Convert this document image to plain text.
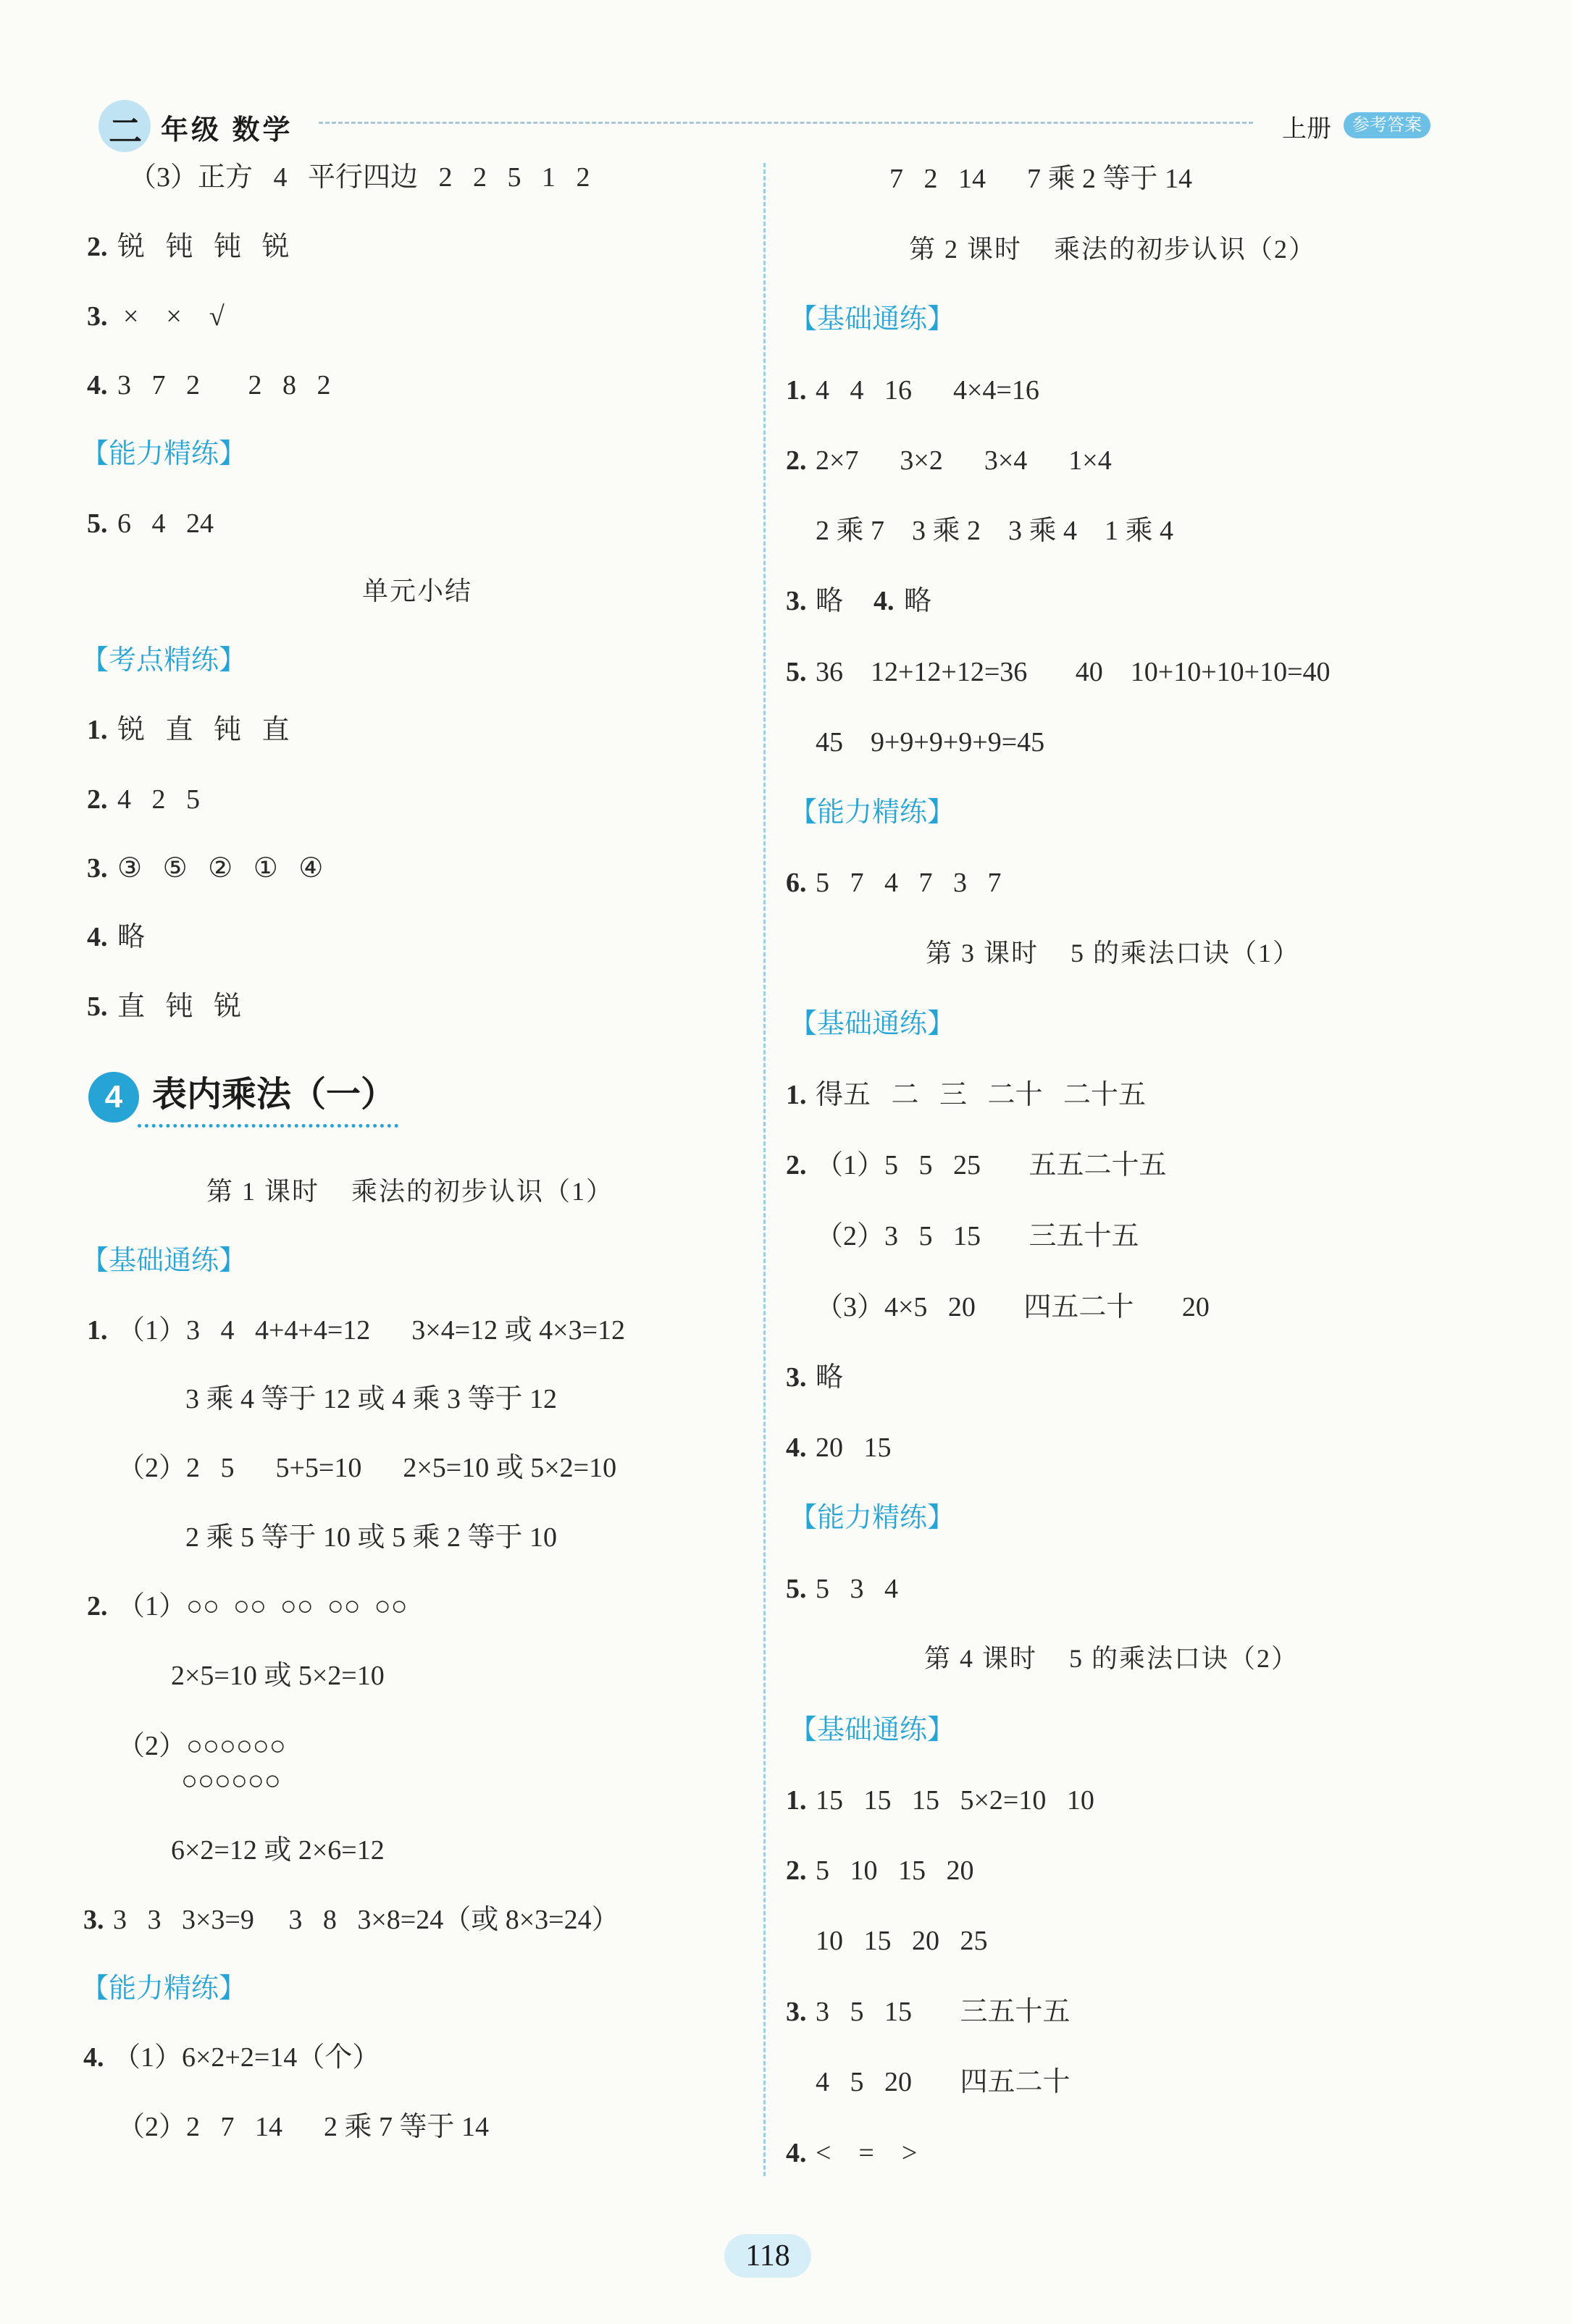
二 年级 数学	上册	参考答案
（3）正方   4   平行四边   2   2   5   1   2
2. 锐   钝   钝   锐
3. ×    ×    √
4. 3   7   2       2   8   2
【能力精练】
5. 6   4   24
单元小结
【考点精练】
1. 锐   直   钝   直
2. 4   2   5
3. ③   ⑤   ②   ①   ④
4. 略
5. 直   钝   锐
4 表内乘法（一）
第 1 课时    乘法的初步认识（1）
【基础通练】
1. （1）3   4   4+4+4=12      3×4=12 或 4×3=12
3 乘 4 等于 12 或 4 乘 3 等于 12
（2）2   5      5+5=10      2×5=10 或 5×2=10
2 乘 5 等于 10 或 5 乘 2 等于 10
2. （1）○○  ○○  ○○  ○○  ○○
2×5=10 或 5×2=10
（2）○○○○○○
○○○○○○
6×2=12 或 2×6=12
3. 3   3   3×3=9     3   8   3×8=24（或 8×3=24）
【能力精练】
4. （1）6×2+2=14（个）
（2）2   7   14      2 乘 7 等于 14
7   2   14      7 乘 2 等于 14
第 2 课时    乘法的初步认识（2）
【基础通练】
1. 4   4   16      4×4=16
2. 2×7      3×2      3×4      1×4
2 乘 7    3 乘 2    3 乘 4    1 乘 4
3. 略 4. 略
5. 36    12+12+12=36       40    10+10+10+10=40
45    9+9+9+9+9=45
【能力精练】
6. 5   7   4   7   3   7
第 3 课时    5 的乘法口诀（1）
【基础通练】
1. 得五   二   三   二十   二十五
2. （1）5   5   25       五五二十五
（2）3   5   15       三五十五
（3）4×5   20       四五二十       20
3. 略
4. 20   15
【能力精练】
5. 5   3   4
第 4 课时    5 的乘法口诀（2）
【基础通练】
1. 15   15   15   5×2=10   10
2. 5   10   15   20
10   15   20   25
3. 3   5   15       三五十五
4   5   20       四五二十
4. <    =    >
118
